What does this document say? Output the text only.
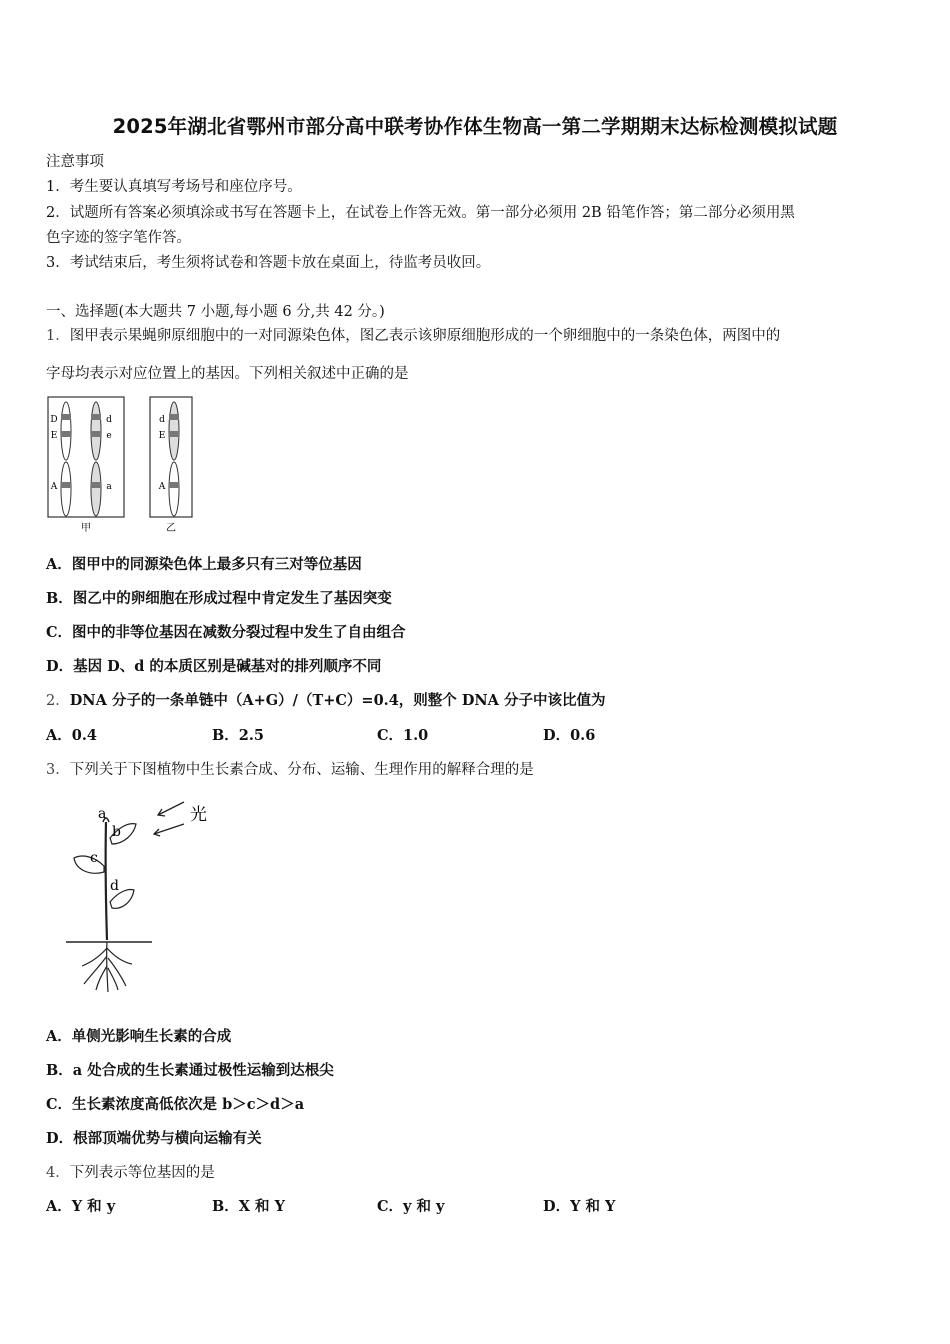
2025年湖北省鄂州市部分高中联考协作体生物高一第二学期期末达标检测模拟试题
注意事项
1．考生要认真填写考场号和座位序号。
2．试题所有答案必须填涂或书写在答题卡上，在试卷上作答无效。第一部分必须用 2B 铅笔作答；第二部分必须用黑
色字迹的签字笔作答。
3．考试结束后，考生须将试卷和答题卡放在桌面上，待监考员收回。
一、选择题(本大题共 7 小题,每小题 6 分,共 42 分。)
1．图甲表示果蝇卵原细胞中的一对同源染色体，图乙表示该卵原细胞形成的一个卵细胞中的一条染色体，两图中的
字母均表示对应位置上的基因。下列相关叙述中正确的是
D
E
A
d
e
a
甲
d
E
A
乙
A．图甲中的同源染色体上最多只有三对等位基因
B．图乙中的卵细胞在形成过程中肯定发生了基因突变
C．图中的非等位基因在减数分裂过程中发生了自由组合
D．基因 D、d 的本质区别是碱基对的排列顺序不同
2．DNA 分子的一条单链中（A+G）/（T+C）=0.4，则整个 DNA 分子中该比值为
A．0.4	B．2.5	C．1.0	D．0.6
3．下列关于下图植物中生长素合成、分布、运输、生理作用的解释合理的是
光
a
b
c
d
A．单侧光影响生长素的合成
B．a 处合成的生长素通过极性运输到达根尖
C．生长素浓度高低依次是 b＞c＞d＞a
D．根部顶端优势与横向运输有关
4．下列表示等位基因的是
A．Y 和 y	B．X 和 Y	C．y 和 y	D．Y 和 Y
